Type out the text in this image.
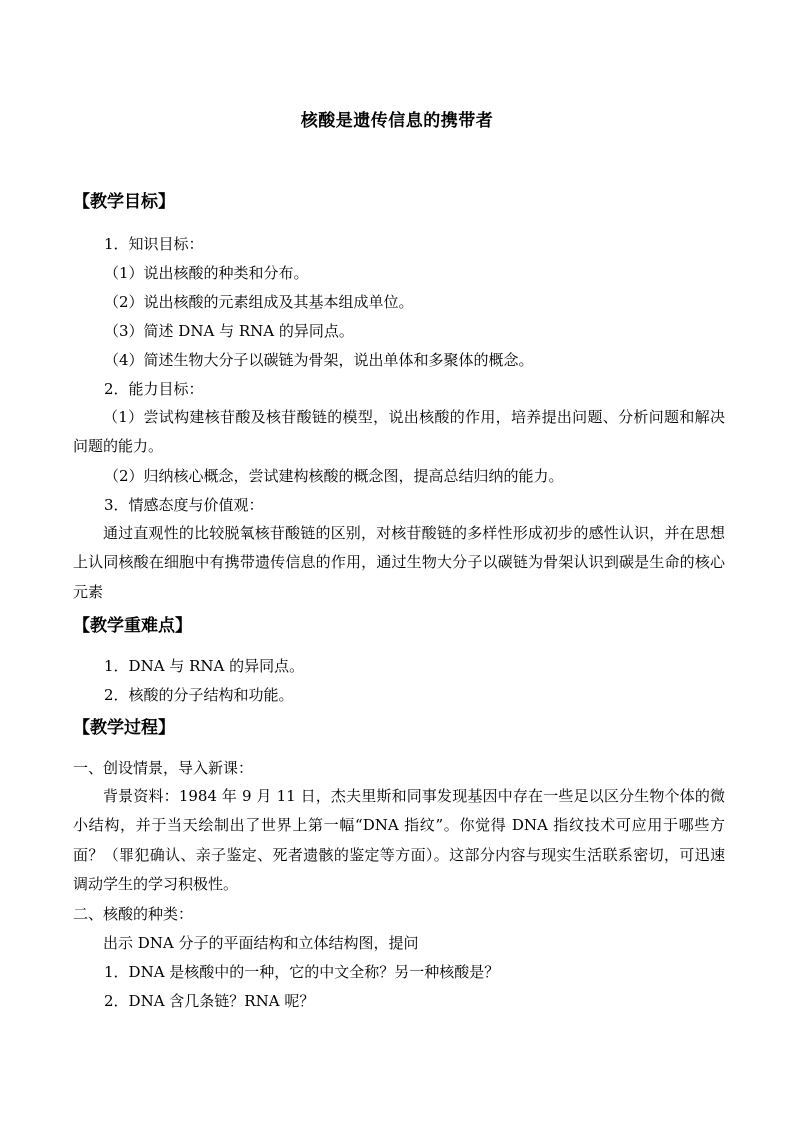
核酸是遗传信息的携带者
【教学目标】
1．知识目标：
（1）说出核酸的种类和分布。
（2）说出核酸的元素组成及其基本组成单位。
（3）简述 DNA 与 RNA 的异同点。
（4）简述生物大分子以碳链为骨架，说出单体和多聚体的概念。
2．能力目标：
（1）尝试构建核苷酸及核苷酸链的模型，说出核酸的作用，培养提出问题、分析问题和解决问题的能力。
（2）归纳核心概念，尝试建构核酸的概念图，提高总结归纳的能力。
3．情感态度与价值观：
通过直观性的比较脱氧核苷酸链的区别，对核苷酸链的多样性形成初步的感性认识，并在思想上认同核酸在细胞中有携带遗传信息的作用，通过生物大分子以碳链为骨架认识到碳是生命的核心元素
【教学重难点】
1．DNA 与 RNA 的异同点。
2．核酸的分子结构和功能。
【教学过程】
一、创设情景，导入新课：
背景资料：1984 年 9 月 11 日，杰夫里斯和同事发现基因中存在一些足以区分生物个体的微小结构，并于当天绘制出了世界上第一幅“DNA 指纹”。你觉得 DNA 指纹技术可应用于哪些方面？（罪犯确认、亲子鉴定、死者遗骸的鉴定等方面）。这部分内容与现实生活联系密切，可迅速调动学生的学习积极性。
二、核酸的种类：
出示 DNA 分子的平面结构和立体结构图，提问
1．DNA 是核酸中的一种，它的中文全称？另一种核酸是？
2．DNA 含几条链？RNA 呢？
